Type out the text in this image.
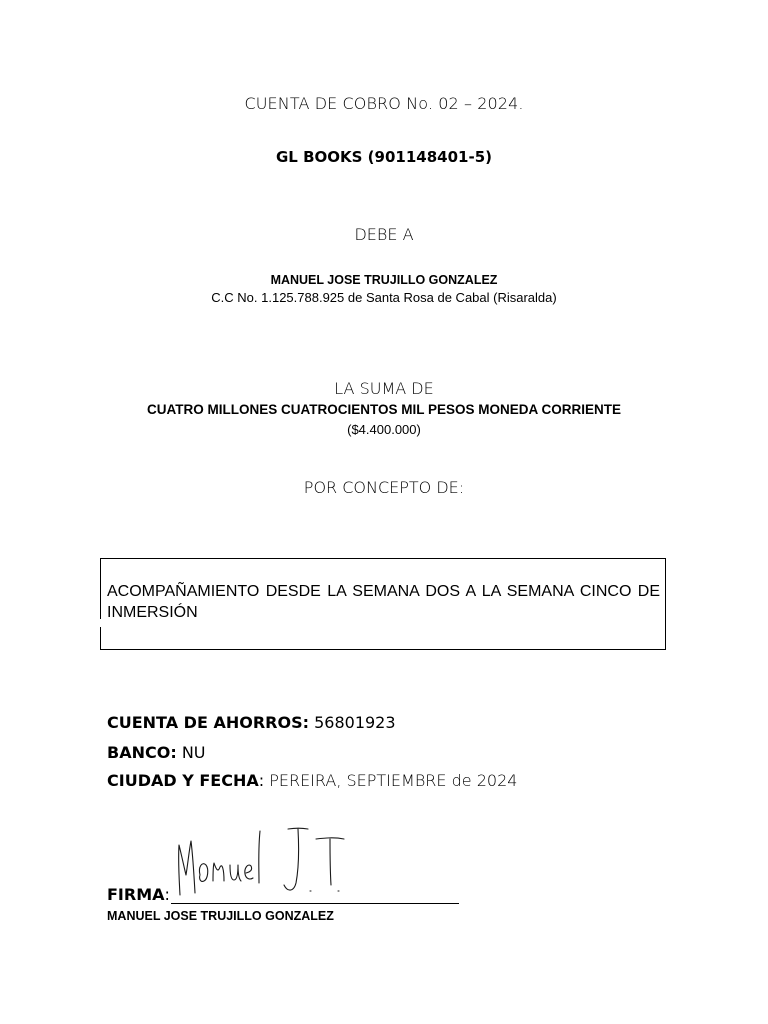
CUENTA DE COBRO No. 02 – 2024.
GL BOOKS (901148401-5)
DEBE A
MANUEL JOSE TRUJILLO GONZALEZ
C.C No. 1.125.788.925 de Santa Rosa de Cabal (Risaralda)
LA SUMA DE
CUATRO MILLONES CUATROCIENTOS MIL PESOS MONEDA CORRIENTE
($4.400.000)
POR CONCEPTO DE:
ACOMPAÑAMIENTO DESDE LA SEMANA DOS A LA SEMANA CINCO DE INMERSIÓN
CUENTA DE AHORROS: 56801923
BANCO: NU
CIUDAD Y FECHA: PEREIRA, SEPTIEMBRE de 2024
FIRMA:
MANUEL JOSE TRUJILLO GONZALEZ
